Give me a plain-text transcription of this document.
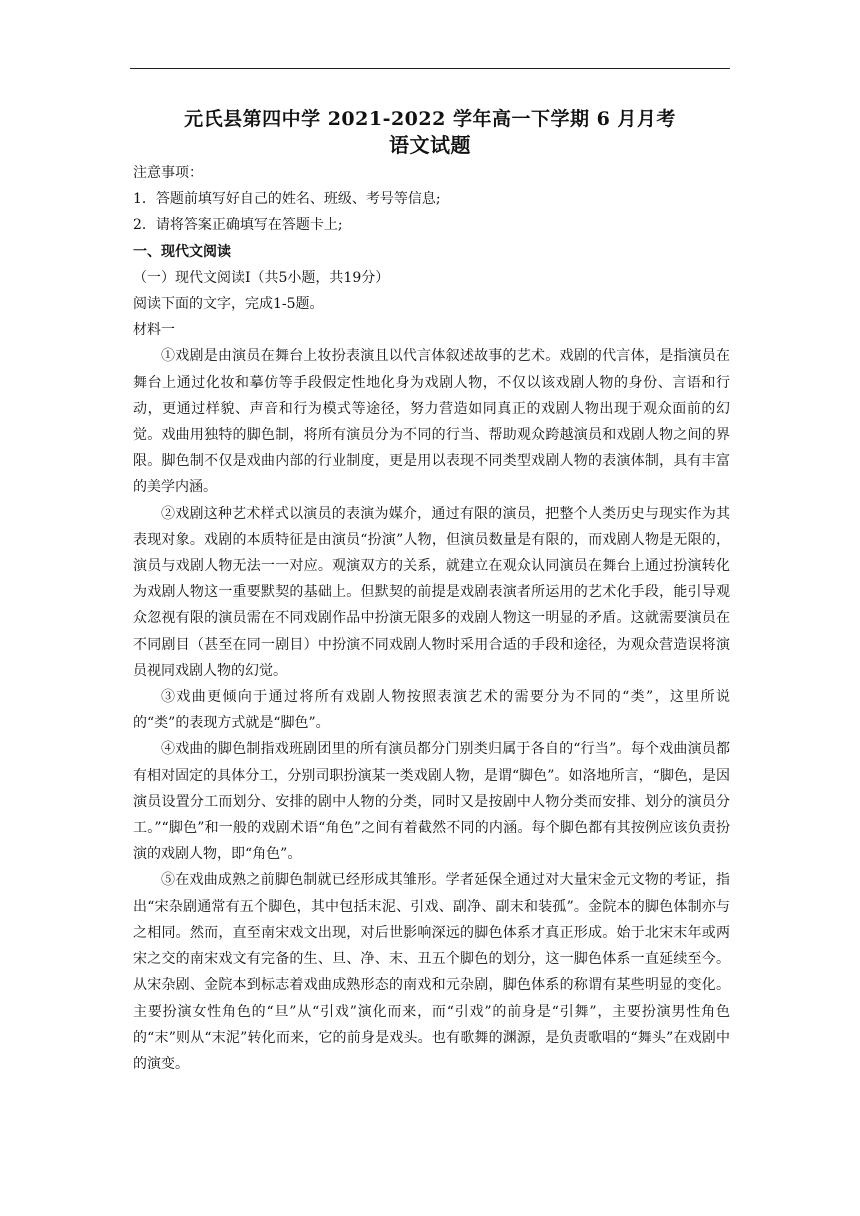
元氏县第四中学 2021-2022 学年高一下学期 6 月月考
语文试题
注意事项：
1．答题前填写好自己的姓名、班级、考号等信息;
2．请将答案正确填写在答题卡上;
一、现代文阅读
（一）现代文阅读Ⅰ（共5小题，共19分）
阅读下面的文字，完成1-5题。
材料一

①戏剧是由演员在舞台上妆扮表演且以代言体叙述故事的艺术。戏剧的代言体，是指演员在舞台上通过化妆和摹仿等手段假定性地化身为戏剧人物，不仅以该戏剧人物的身份、言语和行动，更通过样貌、声音和行为模式等途径，努力营造如同真正的戏剧人物出现于观众面前的幻觉。戏曲用独特的脚色制，将所有演员分为不同的行当、帮助观众跨越演员和戏剧人物之间的界限。脚色制不仅是戏曲内部的行业制度，更是用以表现不同类型戏剧人物的表演体制，具有丰富的美学内涵。

②戏剧这种艺术样式以演员的表演为媒介，通过有限的演员，把整个人类历史与现实作为其表现对象。戏剧的本质特征是由演员“扮演”人物，但演员数量是有限的，而戏剧人物是无限的，演员与戏剧人物无法一一对应。观演双方的关系，就建立在观众认同演员在舞台上通过扮演转化为戏剧人物这一重要默契的基础上。但默契的前提是戏剧表演者所运用的艺术化手段，能引导观众忽视有限的演员需在不同戏剧作品中扮演无限多的戏剧人物这一明显的矛盾。这就需要演员在不同剧目（甚至在同一剧目）中扮演不同戏剧人物时采用合适的手段和途径，为观众营造误将演员视同戏剧人物的幻觉。

③戏曲更倾向于通过将所有戏剧人物按照表演艺术的需要分为不同的“类”，这里所说的“类”的表现方式就是“脚色”。

④戏曲的脚色制指戏班剧团里的所有演员都分门别类归属于各自的“行当”。每个戏曲演员都有相对固定的具体分工，分别司职扮演某一类戏剧人物，是谓“脚色”。如洛地所言，“脚色，是因演员设置分工而划分、安排的剧中人物的分类，同时又是按剧中人物分类而安排、划分的演员分工。”“脚色”和一般的戏剧术语“角色”之间有着截然不同的内涵。每个脚色都有其按例应该负责扮演的戏剧人物，即“角色”。

⑤在戏曲成熟之前脚色制就已经形成其雏形。学者延保全通过对大量宋金元文物的考证，指出“宋杂剧通常有五个脚色，其中包括末泥、引戏、副净、副末和装孤”。金院本的脚色体制亦与之相同。然而，直至南宋戏文出现，对后世影响深远的脚色体系才真正形成。始于北宋末年或两宋之交的南宋戏文有完备的生、旦、净、末、丑五个脚色的划分，这一脚色体系一直延续至今。从宋杂剧、金院本到标志着戏曲成熟形态的南戏和元杂剧，脚色体系的称谓有某些明显的变化。主要扮演女性角色的“旦”从“引戏”演化而来，而“引戏”的前身是“引舞”，主要扮演男性角色的“末”则从“末泥”转化而来，它的前身是戏头。也有歌舞的渊源，是负责歌唱的“舞头”在戏剧中的演变。
